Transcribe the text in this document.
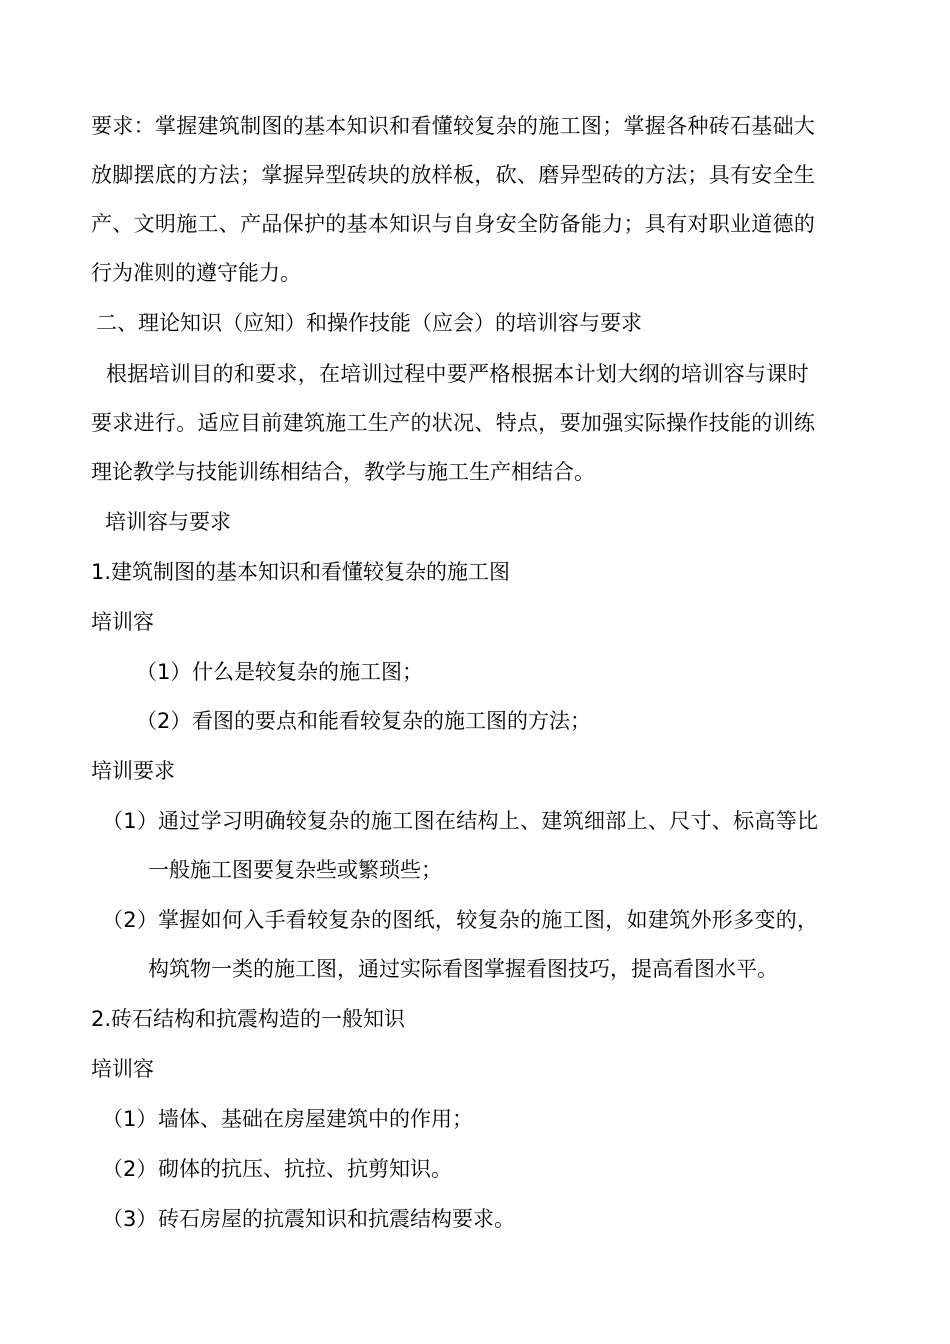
要求：掌握建筑制图的基本知识和看懂较复杂的施工图；掌握各种砖石基础大
放脚摆底的方法；掌握异型砖块的放样板，砍、磨异型砖的方法；具有安全生
产、文明施工、产品保护的基本知识与自身安全防备能力；具有对职业道德的
行为准则的遵守能力。
二、理论知识（应知）和操作技能（应会）的培训容与要求
根据培训目的和要求，在培训过程中要严格根据本计划大纲的培训容与课时
要求进行。适应目前建筑施工生产的状况、特点，要加强实际操作技能的训练
理论教学与技能训练相结合，教学与施工生产相结合。
培训容与要求
1.建筑制图的基本知识和看懂较复杂的施工图
培训容
（1）什么是较复杂的施工图；
（2）看图的要点和能看较复杂的施工图的方法；
培训要求
（1）通过学习明确较复杂的施工图在结构上、建筑细部上、尺寸、标高等比
一般施工图要复杂些或繁琐些；
（2）掌握如何入手看较复杂的图纸，较复杂的施工图，如建筑外形多变的，
构筑物一类的施工图，通过实际看图掌握看图技巧，提高看图水平。
2.砖石结构和抗震构造的一般知识
培训容
（1）墙体、基础在房屋建筑中的作用；
（2）砌体的抗压、抗拉、抗剪知识。
（3）砖石房屋的抗震知识和抗震结构要求。
